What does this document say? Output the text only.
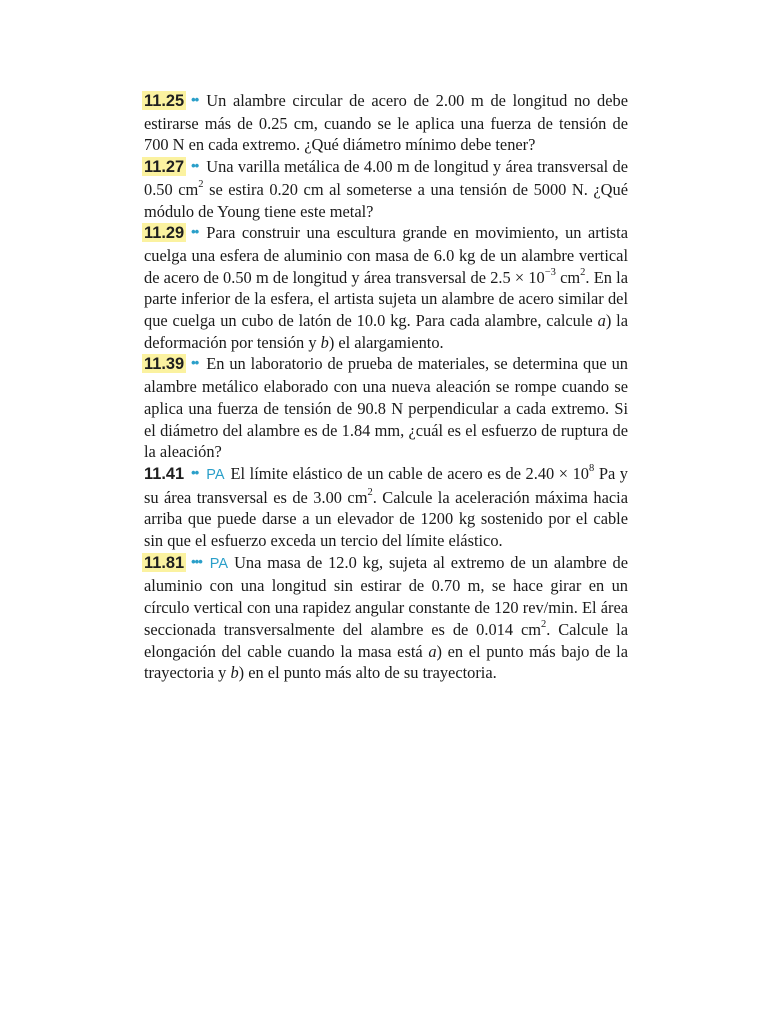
11.25 •• Un alambre circular de acero de 2.00 m de longitud no debe estirarse más de 0.25 cm, cuando se le aplica una fuerza de tensión de 700 N en cada extremo. ¿Qué diámetro mínimo debe tener?

11.27 •• Una varilla metálica de 4.00 m de longitud y área transversal de 0.50 $cm^2$ se estira 0.20 cm al someterse a una tensión de 5000 N. ¿Qué módulo de Young tiene este metal?

11.29 •• Para construir una escultura grande en movimiento, un artista cuelga una esfera de aluminio con masa de 6.0 kg de un alambre vertical de acero de 0.50 m de longitud y área transversal de $2.5 \times 10^{-3}$ $cm^2$. En la parte inferior de la esfera, el artista sujeta un alambre de acero similar del que cuelga un cubo de latón de 10.0 kg. Para cada alambre, calcule a) la deformación por tensión y b) el alargamiento.

11.39 •• En un laboratorio de prueba de materiales, se determina que un alambre metálico elaborado con una nueva aleación se rompe cuando se aplica una fuerza de tensión de 90.8 N perpendicular a cada extremo. Si el diámetro del alambre es de 1.84 mm, ¿cuál es el esfuerzo de ruptura de la aleación?

11.41 •• PA El límite elástico de un cable de acero es de $2.40 \times 10^8$ Pa y su área transversal es de 3.00 $cm^2$. Calcule la aceleración máxima hacia arriba que puede darse a un elevador de 1200 kg sostenido por el cable sin que el esfuerzo exceda un tercio del límite elástico.

11.81 ••• PA Una masa de 12.0 kg, sujeta al extremo de un alambre de aluminio con una longitud sin estirar de 0.70 m, se hace girar en un círculo vertical con una rapidez angular constante de 120 rev/min. El área seccionada transversalmente del alambre es de 0.014 $cm^2$. Calcule la elongación del cable cuando la masa está a) en el punto más bajo de la trayectoria y b) en el punto más alto de su trayectoria.
